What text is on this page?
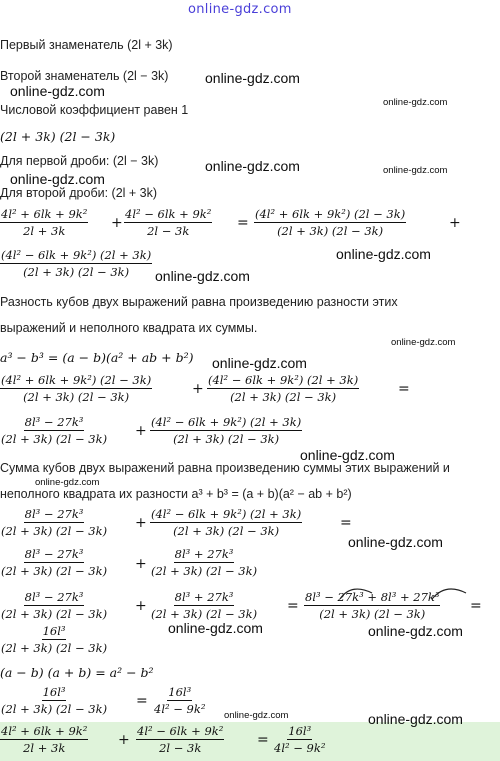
online-gdz.com
Первый знаменатель (2l + 3k)
Второй знаменатель (2l − 3k)
Числовой коэффициент равен 1
(2l + 3k) (2l − 3k)
Для первой дроби: (2l − 3k)
Для второй дроби: (2l + 3k)
$\frac{\text{4l² + 6lk + 9k²}}{2l + 3k} + \frac{\text{4l² − 6lk + 9k²}}{2l - 3k} = \frac{\text{(4l² + 6lk + 9k²) (2l − 3k)}}{(2l + 3k) (2l - 3k)}$	+
$\frac{\text{(4l² − 6lk + 9k²) (2l + 3k)}}{(2l + 3k) (2l - 3k)}$
Разность кубов двух выражений равна произведению разности этих
выражений и неполного квадрата их суммы.
a³ − b³ = (a − b)(a² + ab + b²)
$\frac{\text{(4l² + 6lk + 9k²) (2l − 3k)}}{(2l + 3k) (2l - 3k)}$	+ $\frac{\text{(4l² − 6lk + 9k²) (2l + 3k)}}{(2l + 3k) (2l - 3k)}$	=
$\frac{\text{8l³ − 27k³}}{(2l + 3k) (2l - 3k)} + \frac{\text{(4l² − 6lk + 9k²) (2l + 3k)}}{(2l + 3k) (2l - 3k)}$
Сумма кубов двух выражений равна произведению суммы этих выражений и
неполного квадрата их разности a³ + b³ = (a + b)(a² − ab + b²)
$\frac{\text{8l³ − 27k³}}{(2l + 3k) (2l - 3k)} + \frac{\text{(4l² − 6lk + 9k²) (2l + 3k)}}{(2l + 3k) (2l - 3k)}$	=
$\frac{\text{8l³ − 27k³}}{(2l + 3k) (2l - 3k)} + \frac{\text{8l³ + 27k³}}{(2l + 3k) (2l - 3k)}$
$\frac{\text{8l³ − 27k³}}{(2l + 3k) (2l - 3k)} + \frac{\text{8l³ + 27k³}}{(2l + 3k) (2l - 3k)} = \frac{\text{8l³ − 27k³ + 8l³ + 27k³}}{(2l + 3k) (2l - 3k)}$ =
$\frac{\text{16l³}}{(2l + 3k) (2l - 3k)}$
(a − b) (a + b) = a² − b²
$\frac{\text{16l³}}{(2l + 3k) (2l - 3k)} = \frac{\text{16l³}}{\text{4l² − 9k²}}$
$\frac{\text{4l² + 6lk + 9k²}}{2l + 3k} + \frac{\text{4l² − 6lk + 9k²}}{2l - 3k} = \frac{\text{16l³}}{\text{4l² − 9k²}}$
online-gdz.com
online-gdz.com
online-gdz.com
online-gdz.com	online-gdz.com
online-gdz.com
online-gdz.com
online-gdz.com
online-gdz.com
online-gdz.com
online-gdz.com
online-gdz.com
online-gdz.com
online-gdz.com	online-gdz.com
online-gdz.com	online-gdz.com
